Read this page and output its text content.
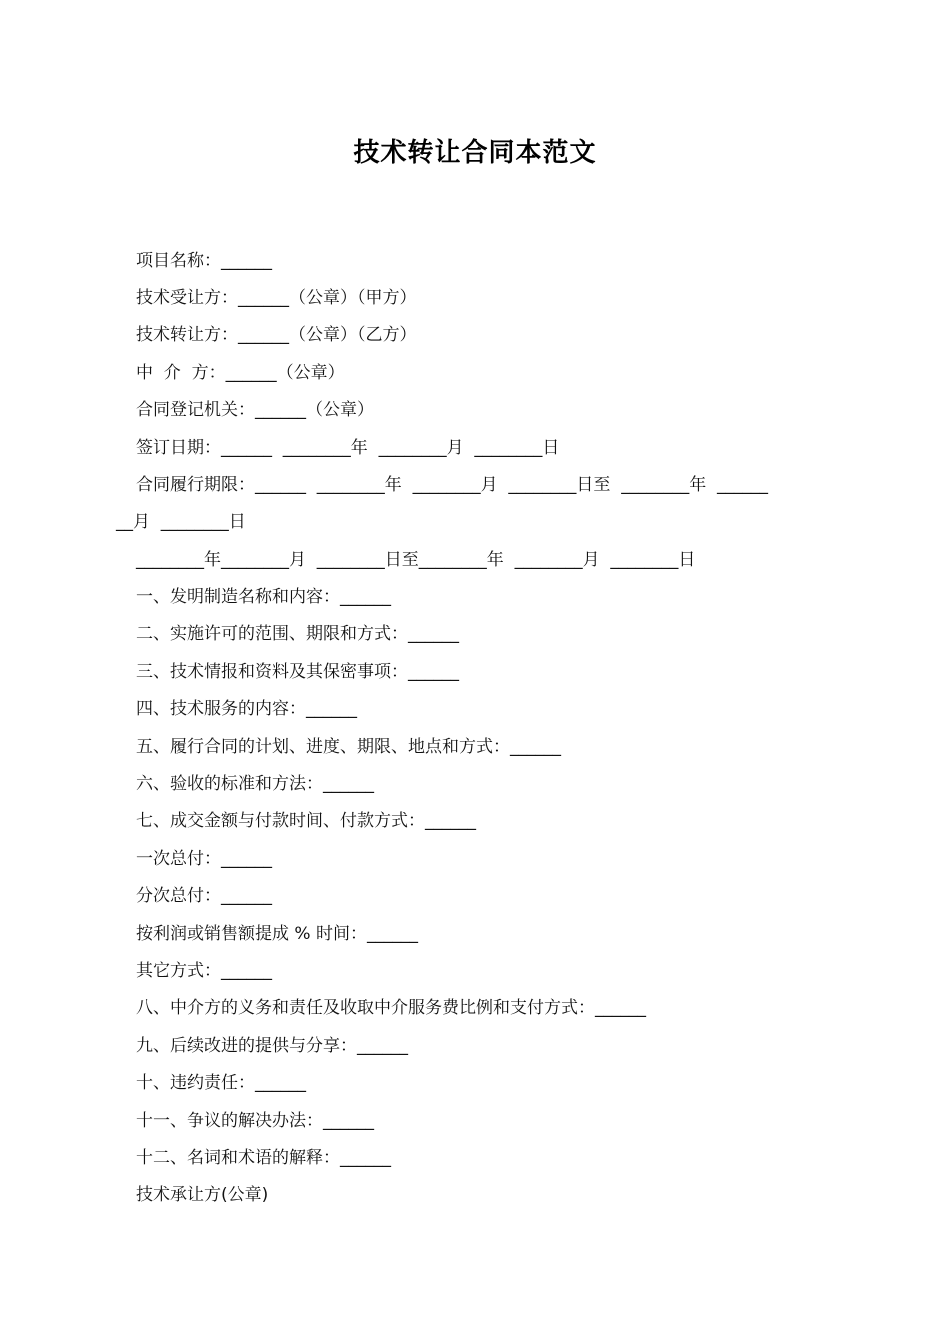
技术转让合同本范文
项目名称：______
技术受让方：______（公章）（甲方）
技术转让方：______（公章）（乙方）
中  介  方：______（公章）
合同登记机关：______（公章）
签订日期：______  ________年  ________月  ________日
合同履行期限：______  ________年  ________月  ________日至  ________年  ______
__月  ________日
________年________月  ________日至________年  ________月  ________日
一、发明制造名称和内容：______
二、实施许可的范围、期限和方式：______
三、技术情报和资料及其保密事项：______
四、技术服务的内容：______
五、履行合同的计划、进度、期限、地点和方式：______
六、验收的标准和方法：______
七、成交金额与付款时间、付款方式：______
一次总付：______
分次总付：______
按利润或销售额提成 % 时间：______
其它方式：______
八、中介方的义务和责任及收取中介服务费比例和支付方式：______
九、后续改进的提供与分享：______
十、违约责任：______
十一、争议的解决办法：______
十二、名词和术语的解释：______
技术承让方(公章)
